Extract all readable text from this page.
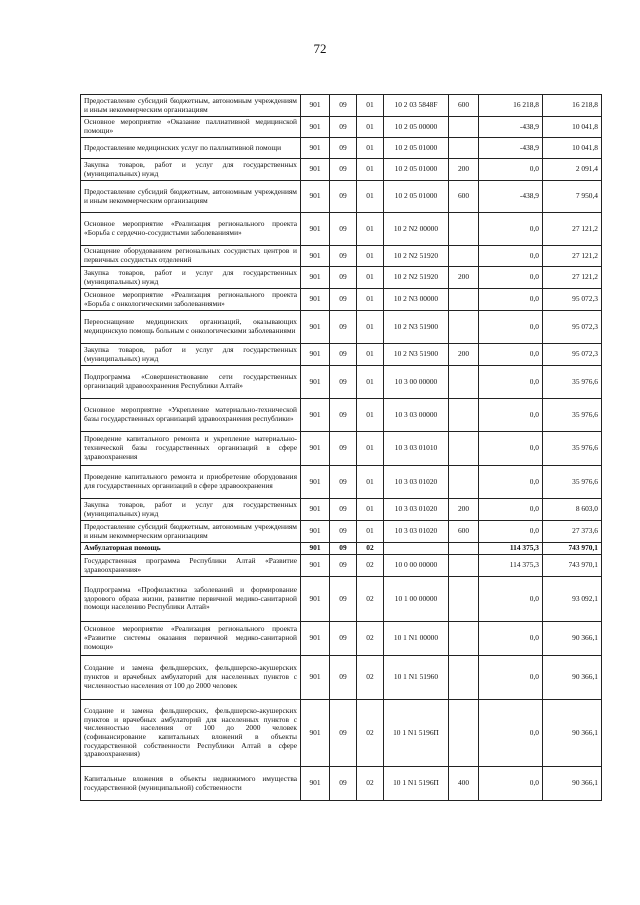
72
Предоставление субсидий бюджетным, автономным учреждениям и иным некоммерческим организациям	901	09	01	10 2 03 5848F	600	16 218,8	16 218,8
Основное мероприятие «Оказание паллиативной медицинской помощи»	901	09	01	10 2 05 00000		-438,9	10 041,8
Предоставление медицинских услуг по паллиативной помощи	901	09	01	10 2 05 01000		-438,9	10 041,8
Закупка товаров, работ и услуг для государственных (муниципальных) нужд	901	09	01	10 2 05 01000	200	0,0	2 091,4
Предоставление субсидий бюджетным, автономным учреждениям и иным некоммерческим организациям	901	09	01	10 2 05 01000	600	-438,9	7 950,4
Основное мероприятие «Реализация регионального проекта «Борьба с сердечно-сосудистыми заболеваниями»	901	09	01	10 2 N2 00000		0,0	27 121,2
Оснащение оборудованием региональных сосудистых центров и первичных сосудистых отделений	901	09	01	10 2 N2 51920		0,0	27 121,2
Закупка товаров, работ и услуг для государственных (муниципальных) нужд	901	09	01	10 2 N2 51920	200	0,0	27 121,2
Основное мероприятие «Реализация регионального проекта «Борьба с онкологическими заболеваниями»	901	09	01	10 2 N3 00000		0,0	95 072,3
Переоснащение медицинских организаций, оказывающих медицинскую помощь больным с онкологическими заболеваниями	901	09	01	10 2 N3 51900		0,0	95 072,3
Закупка товаров, работ и услуг для государственных (муниципальных) нужд	901	09	01	10 2 N3 51900	200	0,0	95 072,3
Подпрограмма «Совершенствование сети государственных организаций здравоохранения Республики Алтай»	901	09	01	10 3 00 00000		0,0	35 976,6
Основное мероприятие «Укрепление материально-технической базы государственных организаций здравоохранения республики»	901	09	01	10 3 03 00000		0,0	35 976,6
Проведение капитального ремонта и укрепление материально-технической базы государственных организаций в сфере здравоохранения	901	09	01	10 3 03 01010		0,0	35 976,6
Проведение капитального ремонта и приобретение оборудования для государственных организаций в сфере здравоохранения	901	09	01	10 3 03 01020		0,0	35 976,6
Закупка товаров, работ и услуг для государственных (муниципальных) нужд	901	09	01	10 3 03 01020	200	0,0	8 603,0
Предоставление субсидий бюджетным, автономным учреждениям и иным некоммерческим организациям	901	09	01	10 3 03 01020	600	0,0	27 373,6
Амбулаторная помощь	901	09	02			114 375,3	743 970,1
Государственная программа Республики Алтай «Развитие здравоохранения»	901	09	02	10 0 00 00000		114 375,3	743 970,1
Подпрограмма «Профилактика заболеваний и формирование здорового образа жизни, развитие первичной медико-санитарной помощи населению Республики Алтай»	901	09	02	10 1 00 00000		0,0	93 092,1
Основное мероприятие «Реализация регионального проекта «Развитие системы оказания первичной медико-санитарной помощи»	901	09	02	10 1 N1 00000		0,0	90 366,1
Создание и замена фельдшерских, фельдшерско-акушерских пунктов и врачебных амбулаторий для населенных пунктов с численностью населения от 100 до 2000 человек	901	09	02	10 1 N1 51960		0,0	90 366,1
Создание и замена фельдшерских, фельдшерско-акушерских пунктов и врачебных амбулаторий для населенных пунктов с численностью населения от 100 до 2000 человек (софинансирование капитальных вложений в объекты государственной собственности Республики Алтай в сфере здравоохранения)	901	09	02	10 1 N1 5196П		0,0	90 366,1
Капитальные вложения в объекты недвижимого имущества государственной (муниципальной) собственности	901	09	02	10 1 N1 5196П	400	0,0	90 366,1
